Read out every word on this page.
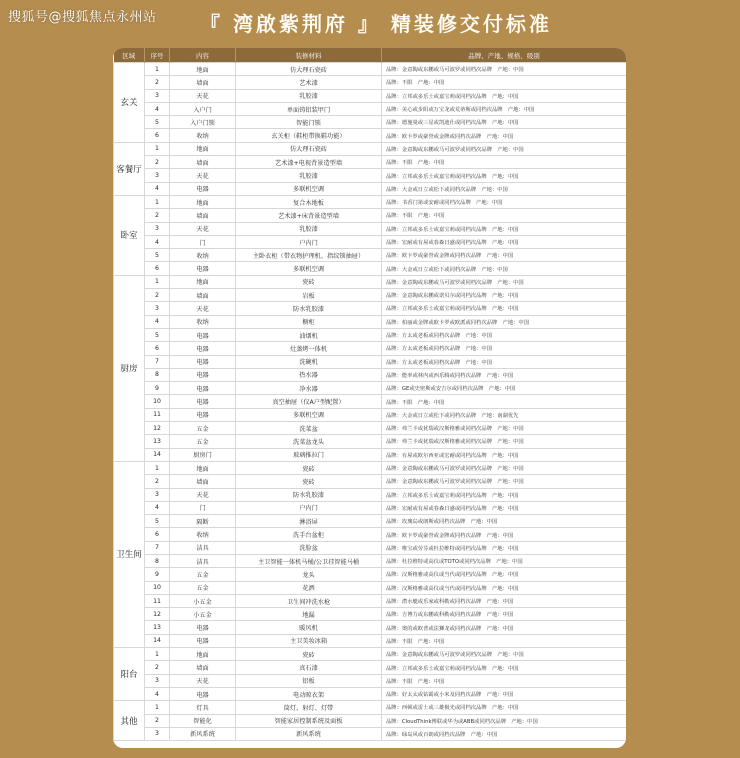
搜狐号@搜狐焦点永州站 『 湾啟紫荆府 』 精装修交付标准
区域	序号	内容	装修材料	品牌、产地、规格、级别
玄关	1	地面	仿大理石瓷砖	品牌：金意陶或东鹏或马可波罗或同档次品牌　产地：中国
	2	墙面	艺术漆	品牌：不限　产地：中国
	3	天花	乳胶漆	品牌：立邦或多乐士或嘉宝莉或同档次品牌　产地：中国
	4	入户门	单面铸铝装甲门	品牌：美心或步阳或万宝龙或荒蒂斯或同档次品牌　产地：中国
	5	入户门锁	智能门锁	品牌：德施曼或三星或凯迪仕或同档次品牌　产地：中国
	6	收纳	玄关柜（鞋柜带换鞋功能）	品牌：欧卡罗或豪誉或金牌或同档次品牌　产地：中国
客餐厅	1	地面	仿大理石瓷砖	品牌：金意陶或东鹏或马可波罗或同档次品牌　产地：中国
	2	墙面	艺术漆+电视背景造型墙	品牌：不限　产地：中国
	3	天花	乳胶漆	品牌：立邦或多乐士或嘉宝莉或同档次品牌　产地：中国
	4	电器	多联机空调	品牌：大金或日立或松下或同档次品牌　产地：中国
卧室	1	地面	复合木地板	品牌：书香门第或安耐或同档次品牌　产地：中国
	2	墙面	艺术漆+床背景造型墙	品牌：不限　产地：中国
	3	天花	乳胶漆	品牌：立邦或多乐士或嘉宝莉或同档次品牌　产地：中国
	4	门	户内门	品牌：宏耐或有屋或春森日盛或同档次品牌　产地：中国
	5	收纳	主卧衣柜（带衣物护理机、指纹锁抽屉）	品牌：欧卡罗或豪誉或金牌或同档次品牌　产地：中国
	6	电器	多联机空调	品牌：大金或日立或松下或同档次品牌　产地：中国
厨房	1	地面	瓷砖	品牌：金意陶或东鹏或马可波罗或同档次品牌　产地：中国
	2	墙面	岩板	品牌：金意陶或东鹏或诺贝尔或同档次品牌　产地：中国
	3	天花	防水乳胶漆	品牌：立邦或多乐士或嘉宝莉或同档次品牌　产地：中国
	4	收纳	橱柜	品牌：柏丽或金牌或欧卡罗或欧派或同档次品牌　产地：中国
	5	电器	油烟机	品牌：方太或老板或同档次品牌　产地：中国
	6	电器	灶蒸烤一体机	品牌：方太或老板或同档次品牌　产地：中国
	7	电器	洗碗机	品牌：方太或老板或同档次品牌　产地：中国
	8	电器	热水器	品牌：能率或林内或西乐腾或同档次品牌　产地：中国
	9	电器	净水器	品牌：GE或史密斯或安吉尔或同档次品牌　产地：中国
	10	电器	真空抽屉（仅A户型配置）	品牌：不限　产地：中国
	11	电器	多联机空调	品牌：大金或日立或松下或同档次品牌　产地：南湖优先
	12	五金	洗菜盆	品牌：弗兰卡或犹瑞或汉斯格雅或同档次品牌　产地：中国
	13	五金	洗菜盆龙头	品牌：弗兰卡或犹瑞或汉斯格雅或同档次品牌　产地：中国
	14	厨房门	玻璃推拉门	品牌：有屋或欧尔西亚或宏耐或同档次品牌　产地：中国
卫生间	1	地面	瓷砖	品牌：金意陶或东鹏或马可波罗或同档次品牌　产地：中国
	2	墙面	瓷砖	品牌：金意陶或东鹏或马可波罗或同档次品牌　产地：中国
	3	天花	防水乳胶漆	品牌：立邦或多乐士或嘉宝莉或同档次品牌　产地：中国
	4	门	户内门	品牌：宏耐或有屋或春森日盛或同档次品牌　产地：中国
	5	隔断	淋浴屏	品牌：玫瑰岛或朗斯或同档次品牌　产地：中国
	6	收纳	洗手台盆柜	品牌：欧卡罗或豪誉或金牌或同档次品牌　产地：中国
	7	洁具	洗脸盆	品牌：唯宝或劳芬或杜拉维特或同档次品牌　产地：中国
	8	洁具	主卫智能一体机马桶/公卫挂智能马桶	品牌：杜拉维特或高仪或TOTO或同档次品牌　产地：中国
	9	五金	龙头	品牌：汉斯格雅或高仪或当代或同档次品牌　产地：中国
	10	五金	花洒	品牌：汉斯格雅或高仪或当代或同档次品牌　产地：中国
	11	小五金	卫生间冲洗水枪	品牌：潜水艇或乐家或科勒或同档次品牌　产地：中国
	12	小五金	地漏	品牌：吉博力或东鹏或科勒或同档次品牌　产地：中国
	13	电器	暖风机	品牌：奥的或欧普或法狮龙或同档次品牌　产地：中国
	14	电器	主卫美妆冰箱	品牌：不限　产地：中国
阳台	1	地面	瓷砖	品牌：金意陶或东鹏或马可波罗或同档次品牌　产地：中国
	2	墙面	真石漆	品牌：立邦或多乐士或嘉宝莉或同档次品牌　产地：中国
	3	天花	铝板	品牌：不限　产地：中国
	4	电器	电动晾衣架	品牌：好太太或钻霸或小米及同档次品牌　产地：中国
其他	1	灯具	筒灯、射灯、灯带	品牌：西顿或雷士或三雄极光或同档次品牌　产地：中国
	2	智能化	智能家居控制系统及面板	品牌：CloudThink博联或华为或ABB或同档次品牌　产地：中国
	3	新风系统	新风系统	品牌：绿岛风或百朗或同档次品牌　产地：中国
